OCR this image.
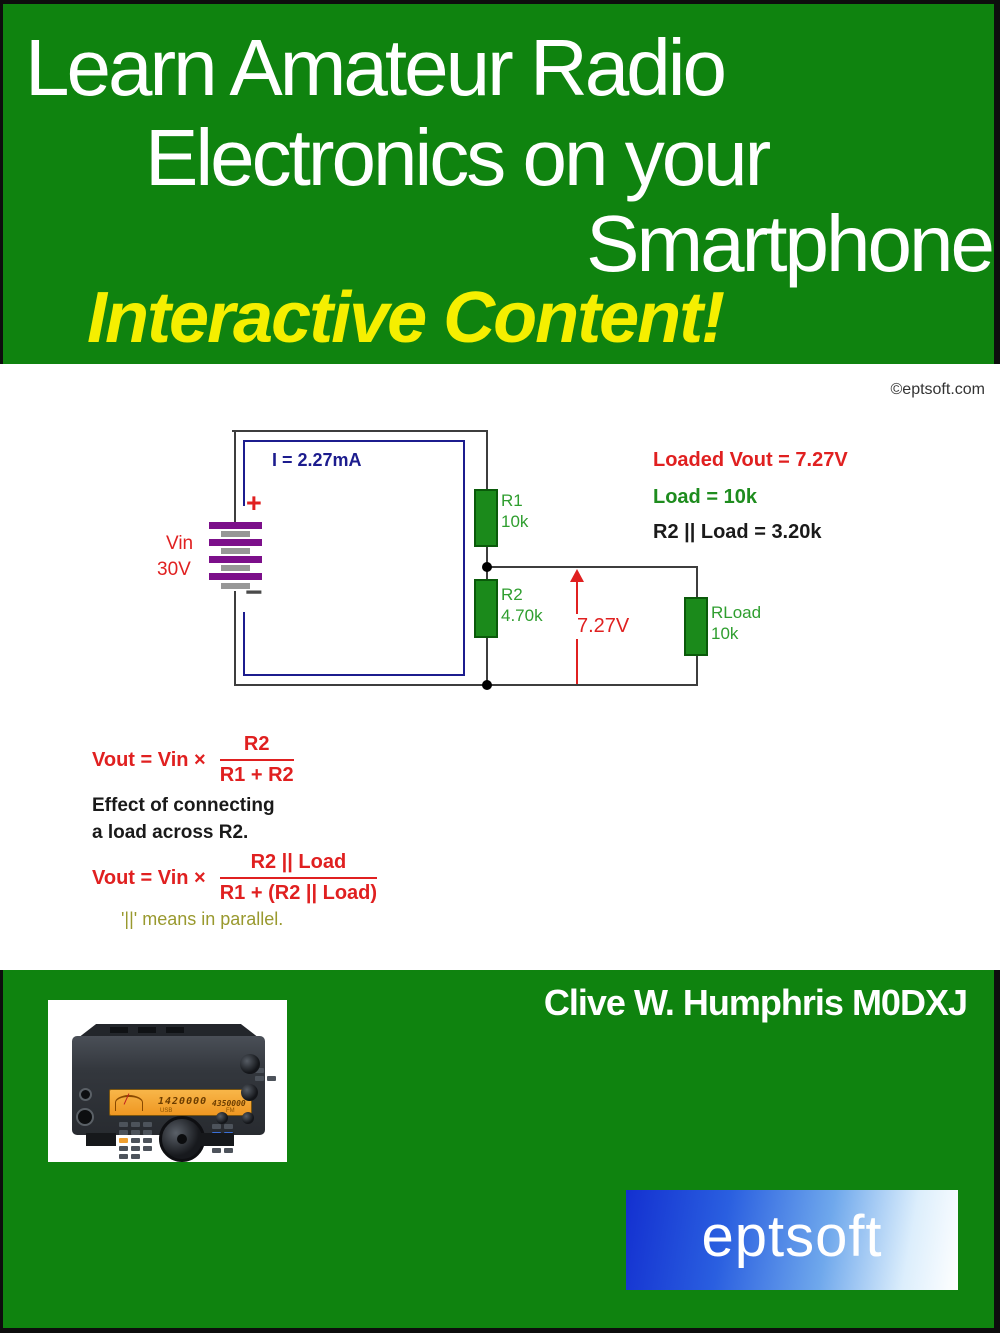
Learn Amateur Radio
Electronics on your
Smartphone
Interactive Content!
©eptsoft.com
I = 2.27mA
+
−
Vin
30V
R1
10k
R2
4.70k	RLoad
10k
7.27V
Loaded Vout = 7.27V
Load = 10k
R2 || Load = 3.20k
Vout = Vin × $\frac{R2}{R1 + R2}$
Effect of connecting
a load across R2.
Vout = Vin × $\frac{\text{R2 || Load}}{\text{R1 + (R2 || Load)}}$
'||' means in parallel.
Clive W. Humphris M0DXJ
1420000 4350000
USB	FM
eptsoft
